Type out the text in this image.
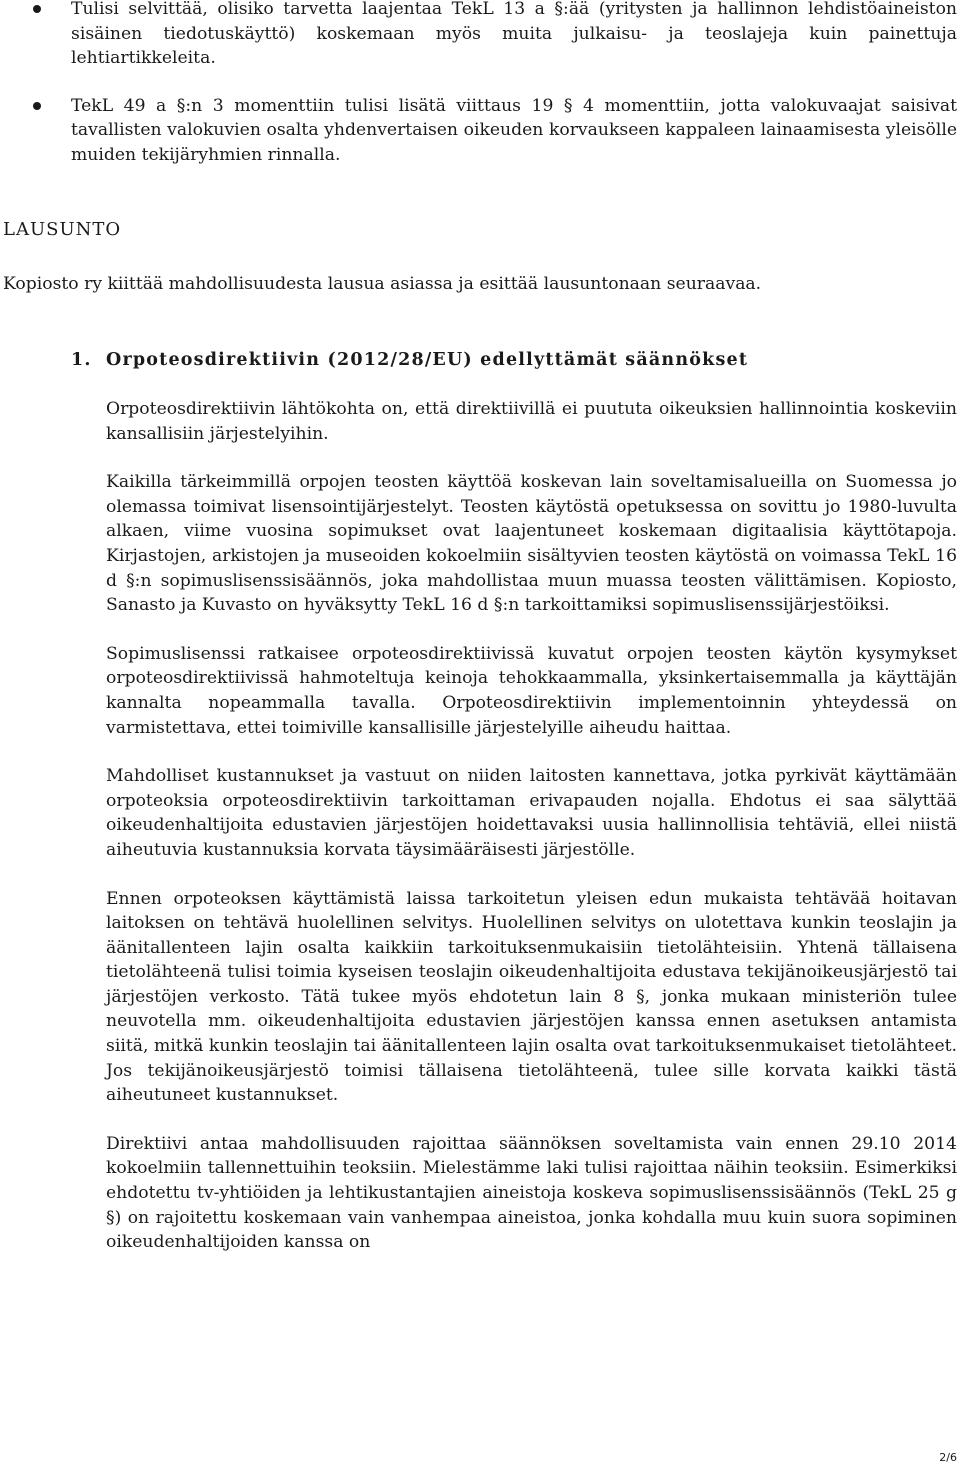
Tulisi selvittää, olisiko tarvetta laajentaa TekL 13 a §:ää (yritysten ja hallinnon lehdistöaineiston sisäinen tiedotuskäyttö) koskemaan myös muita julkaisu- ja teoslajeja kuin painettuja lehtiartikkeleita.
TekL 49 a §:n 3 momenttiin tulisi lisätä viittaus 19 § 4 momenttiin, jotta valokuvaajat saisivat tavallisten valokuvien osalta yhdenvertaisen oikeuden korvaukseen kappaleen lainaamisesta yleisölle muiden tekijäryhmien rinnalla.
LAUSUNTO

Kopiosto ry kiittää mahdollisuudesta lausua asiassa ja esittää lausuntonaan seuraavaa.

1. Orpoteosdirektiivin (2012/28/EU) edellyttämät säännökset

Orpoteosdirektiivin lähtökohta on, että direktiivillä ei puututa oikeuksien hallinnointia koskeviin kansallisiin järjestelyihin.

Kaikilla tärkeimmillä orpojen teosten käyttöä koskevan lain soveltamisalueilla on Suomessa jo olemassa toimivat lisensointijärjestelyt. Teosten käytöstä opetuksessa on sovittu jo 1980-luvulta alkaen, viime vuosina sopimukset ovat laajentuneet koskemaan digitaalisia käyttötapoja. Kirjastojen, arkistojen ja museoiden kokoelmiin sisältyvien teosten käytöstä on voimassa TekL 16 d §:n sopimuslisenssisäännös, joka mahdollistaa muun muassa teosten välittämisen. Kopiosto, Sanasto ja Kuvasto on hyväksytty TekL 16 d §:n tarkoittamiksi sopimuslisenssijärjestöiksi.

Sopimuslisenssi ratkaisee orpoteosdirektiivissä kuvatut orpojen teosten käytön kysymykset orpoteosdirektiivissä hahmoteltuja keinoja tehokkaammalla, yksinkertaisemmalla ja käyttäjän kannalta nopeammalla tavalla. Orpoteosdirektiivin implementoinnin yhteydessä on varmistettava, ettei toimiville kansallisille järjestelyille aiheudu haittaa.

Mahdolliset kustannukset ja vastuut on niiden laitosten kannettava, jotka pyrkivät käyttämään orpoteoksia orpoteosdirektiivin tarkoittaman erivapauden nojalla. Ehdotus ei saa sälyttää oikeudenhaltijoita edustavien järjestöjen hoidettavaksi uusia hallinnollisia tehtäviä, ellei niistä aiheutuvia kustannuksia korvata täysimääräisesti järjestölle.

Ennen orpoteoksen käyttämistä laissa tarkoitetun yleisen edun mukaista tehtävää hoitavan laitoksen on tehtävä huolellinen selvitys. Huolellinen selvitys on ulotettava kunkin teoslajin ja äänitallenteen lajin osalta kaikkiin tarkoituksenmukaisiin tietolähteisiin. Yhtenä tällaisena tietolähteenä tulisi toimia kyseisen teoslajin oikeudenhaltijoita edustava tekijänoikeusjärjestö tai järjestöjen verkosto. Tätä tukee myös ehdotetun lain 8 §, jonka mukaan ministeriön tulee neuvotella mm. oikeudenhaltijoita edustavien järjestöjen kanssa ennen asetuksen antamista siitä, mitkä kunkin teoslajin tai äänitallenteen lajin osalta ovat tarkoituksenmukaiset tietolähteet. Jos tekijänoikeusjärjestö toimisi tällaisena tietolähteenä, tulee sille korvata kaikki tästä aiheutuneet kustannukset.

Direktiivi antaa mahdollisuuden rajoittaa säännöksen soveltamista vain ennen 29.10 2014 kokoelmiin tallennettuihin teoksiin. Mielestämme laki tulisi rajoittaa näihin teoksiin. Esimerkiksi ehdotettu tv-yhtiöiden ja lehtikustantajien aineistoja koskeva sopimuslisenssisäännös (TekL 25 g §) on rajoitettu koskemaan vain vanhempaa aineistoa, jonka kohdalla muu kuin suora sopiminen oikeudenhaltijoiden kanssa on

2/6
